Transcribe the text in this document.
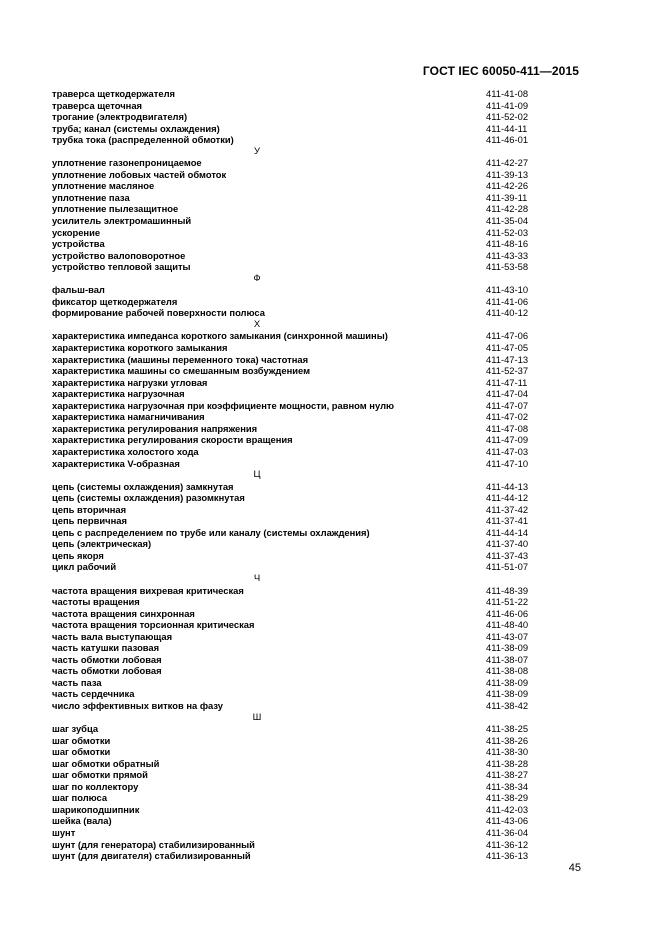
ГОСТ IEC 60050-411—2015
траверса щеткодержателя	411-41-08
траверса щеточная	411-41-09
трогание (электродвигателя)	411-52-02
труба; канал (системы охлаждения)	411-44-11
трубка тока (распределенной обмотки)	411-46-01
У
уплотнение газонепроницаемое	411-42-27
уплотнение лобовых частей обмоток	411-39-13
уплотнение масляное	411-42-26
уплотнение паза	411-39-11
уплотнение пылезащитное	411-42-28
усилитель электромашинный	411-35-04
ускорение	411-52-03
устройства	411-48-16
устройство валоповоротное	411-43-33
устройство тепловой защиты	411-53-58
Ф
фальш-вал	411-43-10
фиксатор щеткодержателя	411-41-06
формирование рабочей поверхности полюса	411-40-12
Х
характеристика импеданса короткого замыкания (синхронной машины)	411-47-06
характеристика короткого замыкания	411-47-05
характеристика (машины переменного тока) частотная	411-47-13
характеристика машины со смешанным возбуждением	411-52-37
характеристика нагрузки угловая	411-47-11
характеристика нагрузочная	411-47-04
характеристика нагрузочная при коэффициенте мощности, равном нулю	411-47-07
характеристика намагничивания	411-47-02
характеристика регулирования напряжения	411-47-08
характеристика регулирования скорости вращения	411-47-09
характеристика холостого хода	411-47-03
характеристика V-образная	411-47-10
Ц
цепь (системы охлаждения) замкнутая	411-44-13
цепь (системы охлаждения) разомкнутая	411-44-12
цепь вторичная	411-37-42
цепь первичная	411-37-41
цепь с распределением по трубе или каналу (системы охлаждения)	411-44-14
цепь (электрическая)	411-37-40
цепь якоря	411-37-43
цикл рабочий	411-51-07
Ч
частота вращения вихревая критическая	411-48-39
частоты вращения	411-51-22
частота вращения синхронная	411-46-06
частота вращения торсионная критическая	411-48-40
часть вала выступающая	411-43-07
часть катушки пазовая	411-38-09
часть обмотки лобовая	411-38-07
часть обмотки лобовая	411-38-08
часть паза	411-38-09
часть сердечника	411-38-09
число эффективных витков на фазу	411-38-42
Ш
шаг зубца	411-38-25
шаг обмотки	411-38-26
шаг обмотки	411-38-30
шаг обмотки обратный	411-38-28
шаг обмотки прямой	411-38-27
шаг по коллектору	411-38-34
шаг полюса	411-38-29
шарикоподшипник	411-42-03
шейка (вала)	411-43-06
шунт	411-36-04
шунт (для генератора) стабилизированный	411-36-12
шунт (для двигателя) стабилизированный	411-36-13
45
